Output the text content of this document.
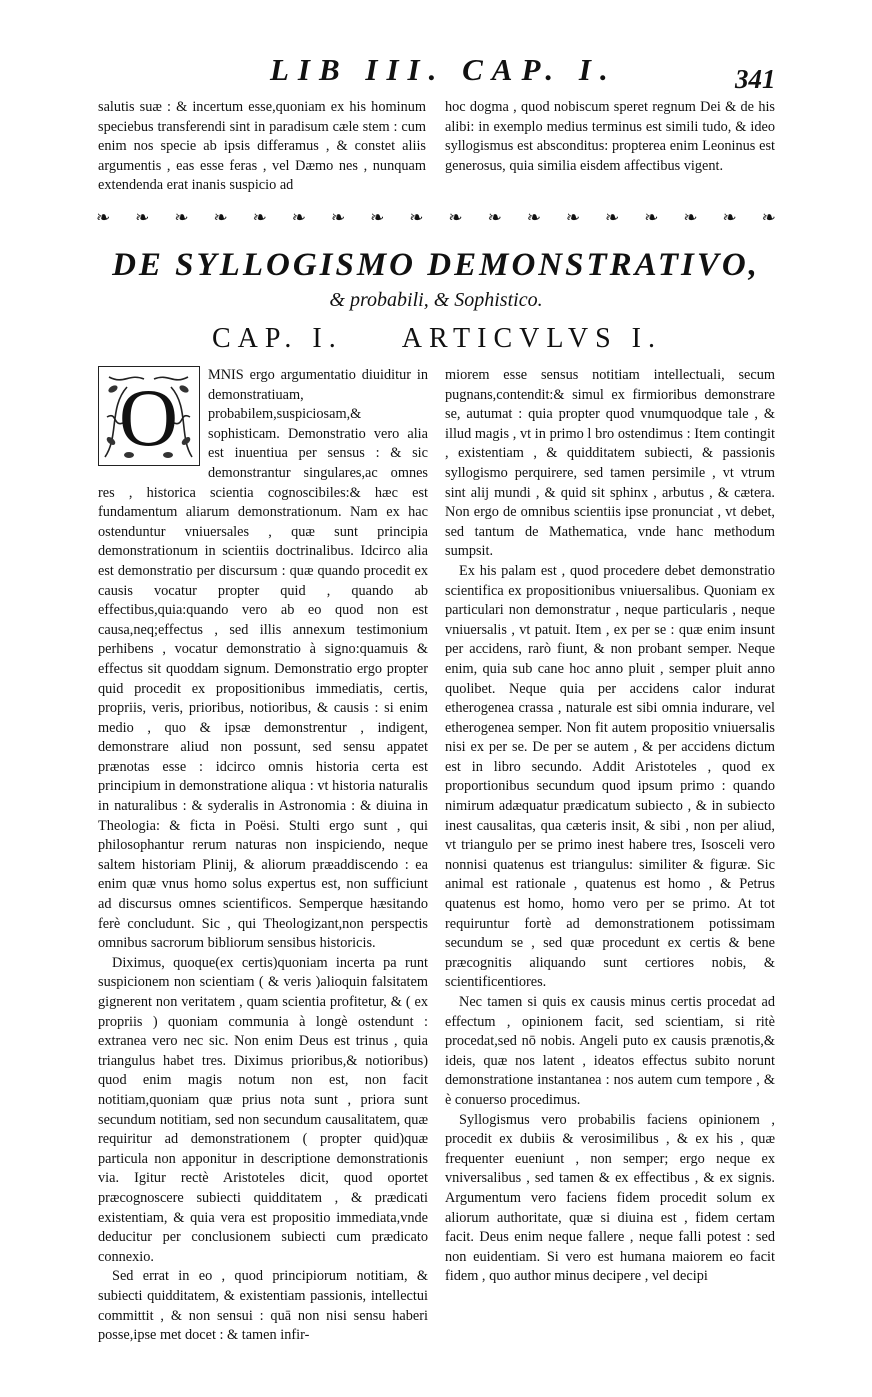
LIB III. CAP. I.	341

salutis suæ : & incertum esse,quoniam ex his hominum speciebus transferendi sint in paradisum cæle stem : cum enim nos specie ab ipsis differamus , & constet aliis argumentis , eas esse feras , vel Dæmo nes , nunquam extendenda erat inanis suspicio ad

hoc dogma , quod nobiscum speret regnum Dei & de his alibi: in exemplo medius terminus est simili tudo, & ideo syllogismus est absconditus: propterea enim Leoninus est generosus, quia similia eisdem affectibus vigent.

❧ ❧ ❧ ❧ ❧ ❧ ❧ ❧ ❧ ❧ ❧ ❧ ❧ ❧ ❧ ❧ ❧ ❧
DE SYLLOGISMO DEMONSTRATIVO,
& probabili, & Sophistico.
CAP. I. ARTICVLVS I.
O	MNIS ergo argumentatio diuiditur in demonstratiuam, probabilem,suspiciosam,& sophisticam. Demonstratio vero alia est inuentiua per sensus : & sic demonstrantur singulares,ac omnes res , historica scientia cognoscibiles:& hæc est fundamentum aliarum demonstrationum. Nam ex hac ostenduntur vniuersales , quæ sunt principia demonstrationum in scientiis doctrinalibus. Idcirco alia est demonstratio per discursum : quæ quando procedit ex causis vocatur propter quid , quando ab effectibus,quia:quando vero ab eo quod non est causa,neq;effectus , sed illis annexum testimonium perhibens , vocatur demonstratio à signo:quamuis & effectus sit quoddam signum. Demonstratio ergo propter quid procedit ex propositionibus immediatis, certis, propriis, veris, prioribus, notioribus, & causis : si enim medio , quo & ipsæ demonstrentur , indigent, demonstrare aliud non possunt, sed sensu appatet prænotas esse : idcirco omnis historia certa est principium in demonstratione aliqua : vt historia naturalis in naturalibus : & syderalis in Astronomia : & diuina in Theologia: & ficta in Poësi. Stulti ergo sunt , qui philosophantur rerum naturas non inspiciendo, neque saltem historiam Plinij, & aliorum præaddiscendo : ea enim quæ vnus homo solus expertus est, non sufficiunt ad discursus omnes scientificos. Semperque hæsitando ferè concludunt. Sic , qui Theologizant,non perspectis omnibus sacrorum bibliorum sensibus historicis.

Diximus, quoque(ex certis)quoniam incerta pa runt suspicionem non scientiam ( & veris )alioquin falsitatem gignerent non veritatem , quam scientia profitetur, & ( ex propriis ) quoniam communia à longè ostendunt : extranea vero nec sic. Non enim Deus est trinus , quia triangulus habet tres. Diximus prioribus,& notioribus) quod enim magis notum non est, non facit notitiam,quoniam quæ prius nota sunt , priora sunt secundum notitiam, sed non secundum causalitatem, quæ requiritur ad demonstrationem ( propter quid)quæ particula non apponitur in descriptione demonstrationis via. Igitur rectè Aristoteles dicit, quod oportet præcognoscere subiecti quidditatem , & prædicati existentiam, & quia vera est propositio immediata,vnde deducitur per conclusionem subiecti cum prædicato connexio.

Sed errat in eo , quod principiorum notitiam, & subiecti quidditatem, & existentiam passionis, intellectui committit , & non sensui : quā non nisi sensu haberi posse,ipse met docet : & tamen infir-

miorem esse sensus notitiam intellectuali, secum pugnans,contendit:& simul ex firmioribus demonstrare se, autumat : quia propter quod vnumquodque tale , & illud magis , vt in primo l bro ostendimus : Item contingit , existentiam , & quidditatem subiecti, & passionis syllogismo perquirere, sed tamen persimile , vt vtrum sint alij mundi , & quid sit sphinx , arbutus , & cætera. Non ergo de omnibus scientiis ipse pronunciat , vt debet, sed tantum de Mathematica, vnde hanc methodum sumpsit.

Ex his palam est , quod procedere debet demonstratio scientifica ex propositionibus vniuersalibus. Quoniam ex particulari non demonstratur , neque particularis , neque vniuersalis , vt patuit. Item , ex per se : quæ enim insunt per accidens, rarò fiunt, & non probant semper. Neque enim, quia sub cane hoc anno pluit , semper pluit anno quolibet. Neque quia per accidens calor indurat etherogenea crassa , naturale est sibi omnia indurare, vel etherogenea semper. Non fit autem propositio vniuersalis nisi ex per se. De per se autem , & per accidens dictum est in libro secundo. Addit Aristoteles , quod ex proportionibus secundum quod ipsum primo : quando nimirum adæquatur prædicatum subiecto , & in subiecto inest causalitas, qua cæteris insit, & sibi , non per aliud, vt triangulo per se primo inest habere tres, Isosceli vero nonnisi quatenus est triangulus: similiter & figuræ. Sic animal est rationale , quatenus est homo , & Petrus quatenus est homo, homo vero per se primo. At tot requiruntur fortè ad demonstrationem potissimam secundum se , sed quæ procedunt ex certis & bene præcognitis aliquando sunt certiores nobis, & scientificentiores.

Nec tamen si quis ex causis minus certis procedat ad effectum , opinionem facit, sed scientiam, si ritè procedat,sed nō nobis. Angeli puto ex causis prænotis,& ideis, quæ nos latent , ideatos effectus subito norunt demonstratione instantanea : nos autem cum tempore , & è conuerso procedimus.

Syllogismus vero probabilis faciens opinionem , procedit ex dubiis & verosimilibus , & ex his , quæ frequenter eueniunt , non semper; ergo neque ex vniversalibus , sed tamen & ex effectibus , & ex signis. Argumentum vero faciens fidem procedit solum ex aliorum authoritate, quæ si diuina est , fidem certam facit. Deus enim neque fallere , neque falli potest : sed non euidentiam. Si vero est humana maiorem eo facit fidem , quo author minus decipere , vel decipi
